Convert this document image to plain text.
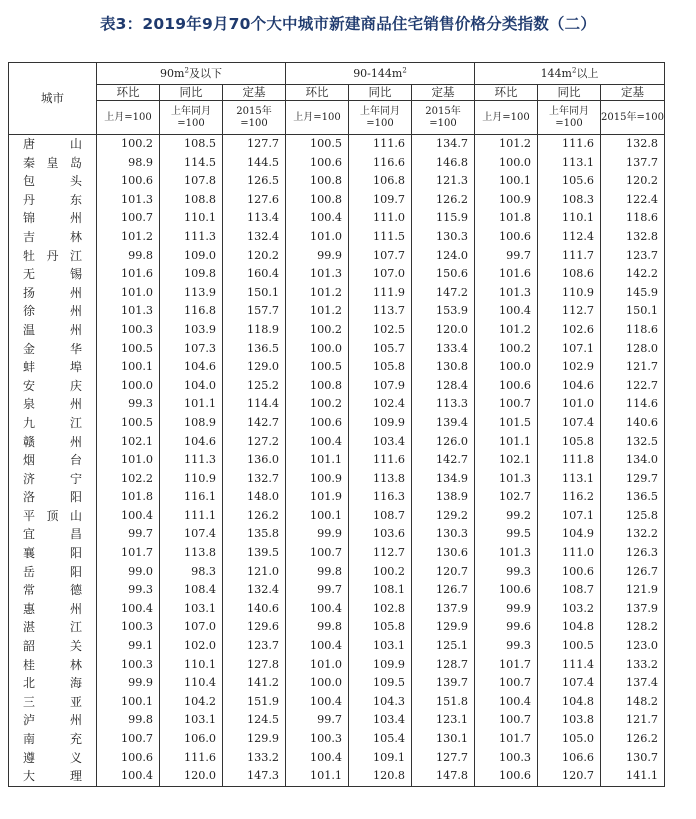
表3：2019年9月70个大中城市新建商品住宅销售价格分类指数（二）
城市	$90m^2$及以下			$90-144m^2$			$144m^2$以上		
	环比	同比	定基	环比	同比	定基	环比	同比	定基
	上月=100	上年同月=100	2015年=100	上月=100	上年同月=100	2015年=100	上月=100	上年同月=100	2015年=100
唐山	100.2	108.5	127.7	100.5	111.6	134.7	101.2	111.6	132.8
秦皇岛	98.9	114.5	144.5	100.6	116.6	146.8	100.0	113.1	137.7
包头	100.6	107.8	126.5	100.8	106.8	121.3	100.1	105.6	120.2
丹东	101.3	108.8	127.6	100.8	109.7	126.2	100.9	108.3	122.4
锦州	100.7	110.1	113.4	100.4	111.0	115.9	101.8	110.1	118.6
吉林	101.2	111.3	132.4	101.0	111.5	130.3	100.6	112.4	132.8
牡丹江	99.8	109.0	120.2	99.9	107.7	124.0	99.7	111.7	123.7
无锡	101.6	109.8	160.4	101.3	107.0	150.6	101.6	108.6	142.2
扬州	101.0	113.9	150.1	101.2	111.9	147.2	101.3	110.9	145.9
徐州	101.3	116.8	157.7	101.2	113.7	153.9	100.4	112.7	150.1
温州	100.3	103.9	118.9	100.2	102.5	120.0	101.2	102.6	118.6
金华	100.5	107.3	136.5	100.0	105.7	133.4	100.2	107.1	128.0
蚌埠	100.1	104.6	129.0	100.5	105.8	130.8	100.0	102.9	121.7
安庆	100.0	104.0	125.2	100.8	107.9	128.4	100.6	104.6	122.7
泉州	99.3	101.1	114.4	100.2	102.4	113.3	100.7	101.0	114.6
九江	100.5	108.9	142.7	100.6	109.9	139.4	101.5	107.4	140.6
赣州	102.1	104.6	127.2	100.4	103.4	126.0	101.1	105.8	132.5
烟台	101.0	111.3	136.0	101.1	111.6	142.7	102.1	111.8	134.0
济宁	102.2	110.9	132.7	100.9	113.8	134.9	101.3	113.1	129.7
洛阳	101.8	116.1	148.0	101.9	116.3	138.9	102.7	116.2	136.5
平顶山	100.4	111.1	126.2	100.1	108.7	129.2	99.2	107.1	125.8
宜昌	99.7	107.4	135.8	99.9	103.6	130.3	99.5	104.9	132.2
襄阳	101.7	113.8	139.5	100.7	112.7	130.6	101.3	111.0	126.3
岳阳	99.0	98.3	121.0	99.8	100.2	120.7	99.3	100.6	126.7
常德	99.3	108.4	132.4	99.7	108.1	126.7	100.6	108.7	121.9
惠州	100.4	103.1	140.6	100.4	102.8	137.9	99.9	103.2	137.9
湛江	100.3	107.0	129.6	99.8	105.8	129.9	99.6	104.8	128.2
韶关	99.1	102.0	123.7	100.4	103.1	125.1	99.3	100.5	123.0
桂林	100.3	110.1	127.8	101.0	109.9	128.7	101.7	111.4	133.2
北海	99.9	110.4	141.2	100.0	109.5	139.7	100.7	107.4	137.4
三亚	100.1	104.2	151.9	100.4	104.3	151.8	100.4	104.8	148.2
泸州	99.8	103.1	124.5	99.7	103.4	123.1	100.7	103.8	121.7
南充	100.7	106.0	129.9	100.3	105.4	130.1	101.7	105.0	126.2
遵义	100.6	111.6	133.2	100.4	109.1	127.7	100.3	106.6	130.7
大理	100.4	120.0	147.3	101.1	120.8	147.8	100.6	120.7	141.1
